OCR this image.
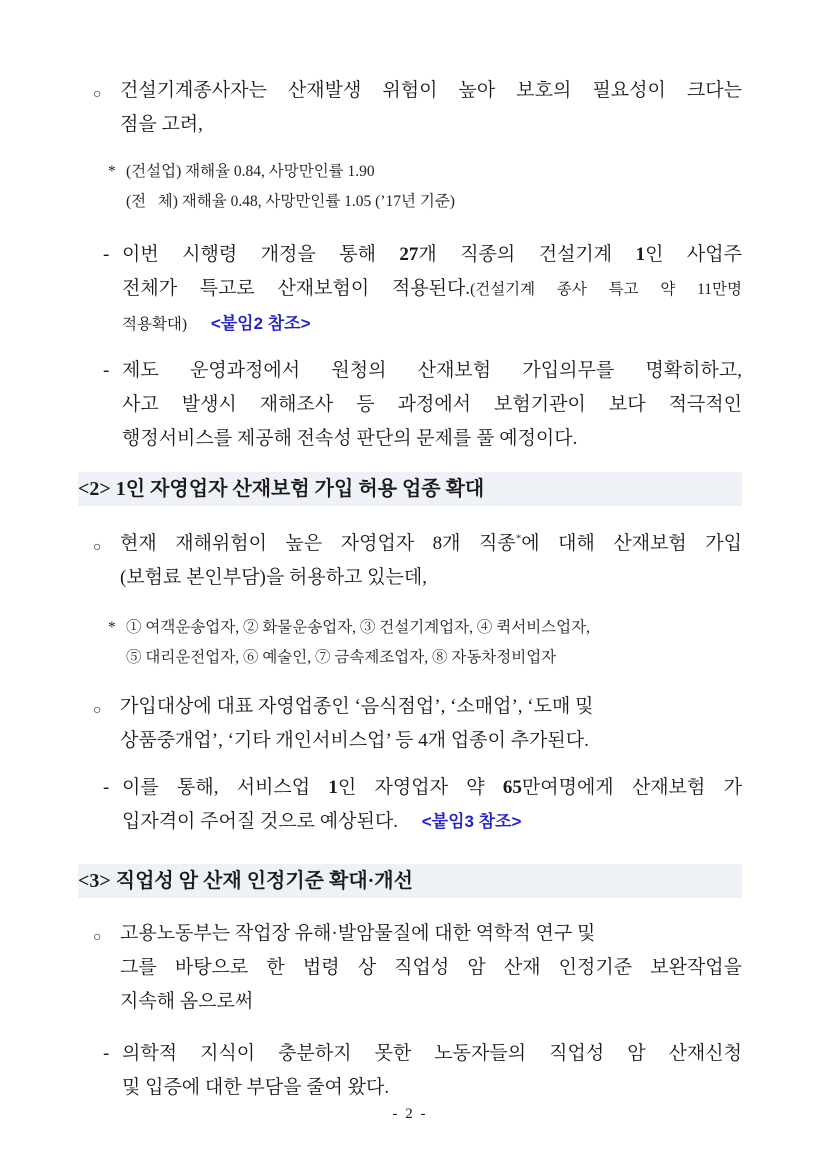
○ 건설기계종사자는 산재발생 위험이 높아 보호의 필요성이 크다는
점을 고려,
* (건설업) 재해율 0.84, 사망만인률 1.90
(전   체) 재해율 0.48, 사망만인률 1.05 (’17년 기준)
- 이번 시행령 개정을 통해 27개 직종의 건설기계 1인 사업주
전체가 특고로 산재보험이 적용된다.(건설기계 종사 특고 약 11만명
적용확대) <붙임2 참조>
- 제도 운영과정에서 원청의 산재보험 가입의무를 명확히하고,
사고 발생시 재해조사 등 과정에서 보험기관이 보다 적극적인
행정서비스를 제공해 전속성 판단의 문제를 풀 예정이다.
<2> 1인 자영업자 산재보험 가입 허용 업종 확대
○ 현재 재해위험이 높은 자영업자 8개 직종*에 대해 산재보험 가입
(보험료 본인부담)을 허용하고 있는데,
* ① 여객운송업자, ② 화물운송업자, ③ 건설기계업자, ④ 퀵서비스업자,
⑤ 대리운전업자, ⑥ 예술인, ⑦ 금속제조업자, ⑧ 자동차정비업자
○ 가입대상에 대표 자영업종인 ‘음식점업’, ‘소매업’, ‘도매 및
상품중개업’, ‘기타 개인서비스업’ 등 4개 업종이 추가된다.
- 이를 통해, 서비스업 1인 자영업자 약 65만여명에게 산재보험 가
입자격이 주어질 것으로 예상된다. <붙임3 참조>
<3> 직업성 암 산재 인정기준 확대·개선
○ 고용노동부는 작업장 유해·발암물질에 대한 역학적 연구 및
그를 바탕으로 한 법령 상 직업성 암 산재 인정기준 보완작업을
지속해 옴으로써
- 의학적 지식이 충분하지 못한 노동자들의 직업성 암 산재신청
및 입증에 대한 부담을 줄여 왔다.
- 2 -
